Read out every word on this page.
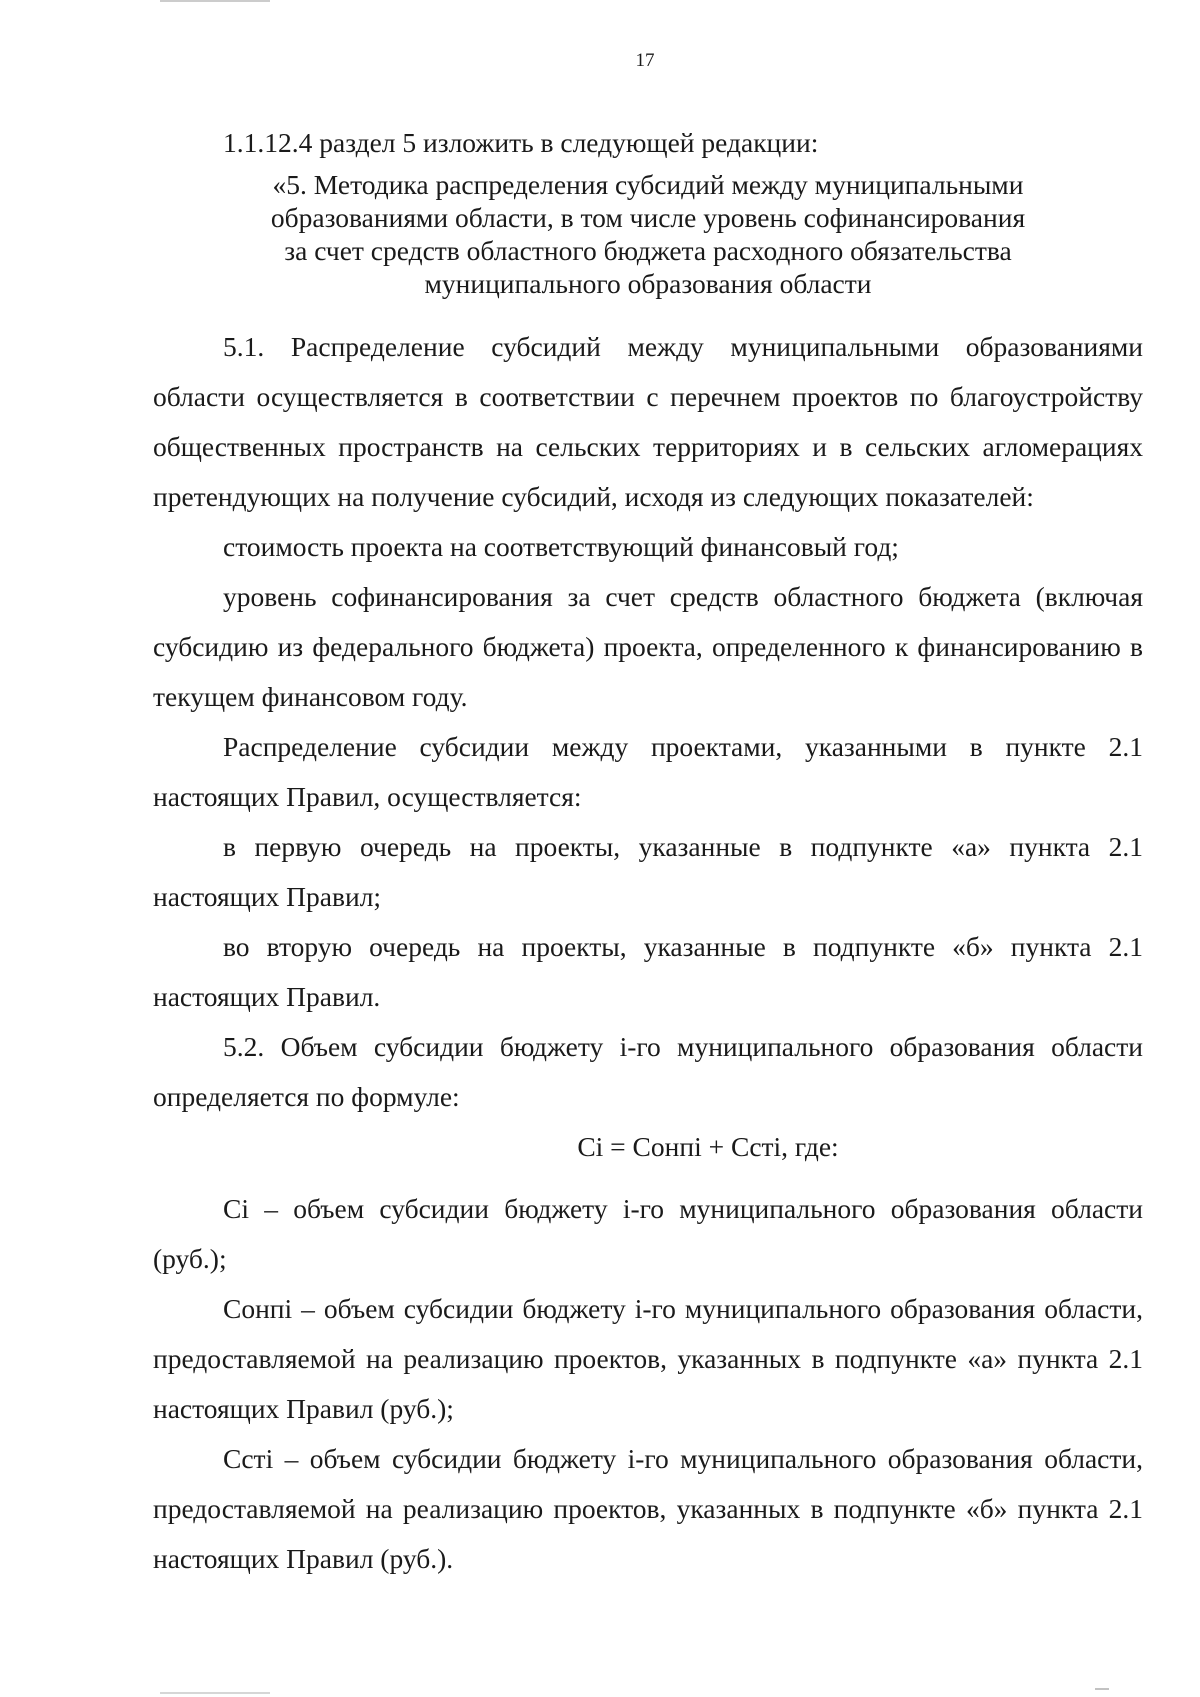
17

1.1.12.4 раздел 5 изложить в следующей редакции:

«5. Методика распределения субсидий между муниципальными
образованиями области, в том числе уровень софинансирования
за счет средств областного бюджета расходного обязательства
муниципального образования области

5.1. Распределение субсидий между муниципальными образованиями области осуществляется в соответствии с перечнем проектов по благоустройству общественных пространств на сельских территориях и в сельских агломерациях претендующих на получение субсидий, исходя из следующих показателей:

стоимость проекта на соответствующий финансовый год;

уровень софинансирования за счет средств областного бюджета (включая субсидию из федерального бюджета) проекта, определенного к финансированию в текущем финансовом году.

Распределение субсидии между проектами, указанными в пункте 2.1 настоящих Правил, осуществляется:

в первую очередь на проекты, указанные в подпункте «а» пункта 2.1 настоящих Правил;

во вторую очередь на проекты, указанные в подпункте «б» пункта 2.1 настоящих Правил.

5.2. Объем субсидии бюджету i-го муниципального образования области определяется по формуле:

Ci = Cонпi + Cстi, где:

Ci – объем субсидии бюджету i-го муниципального образования области (руб.);

Cонпi – объем субсидии бюджету i-го муниципального образования области, предоставляемой на реализацию проектов, указанных в подпункте «а» пункта 2.1 настоящих Правил (руб.);

Cстi – объем субсидии бюджету i-го муниципального образования области, предоставляемой на реализацию проектов, указанных в подпункте «б» пункта 2.1 настоящих Правил (руб.).
